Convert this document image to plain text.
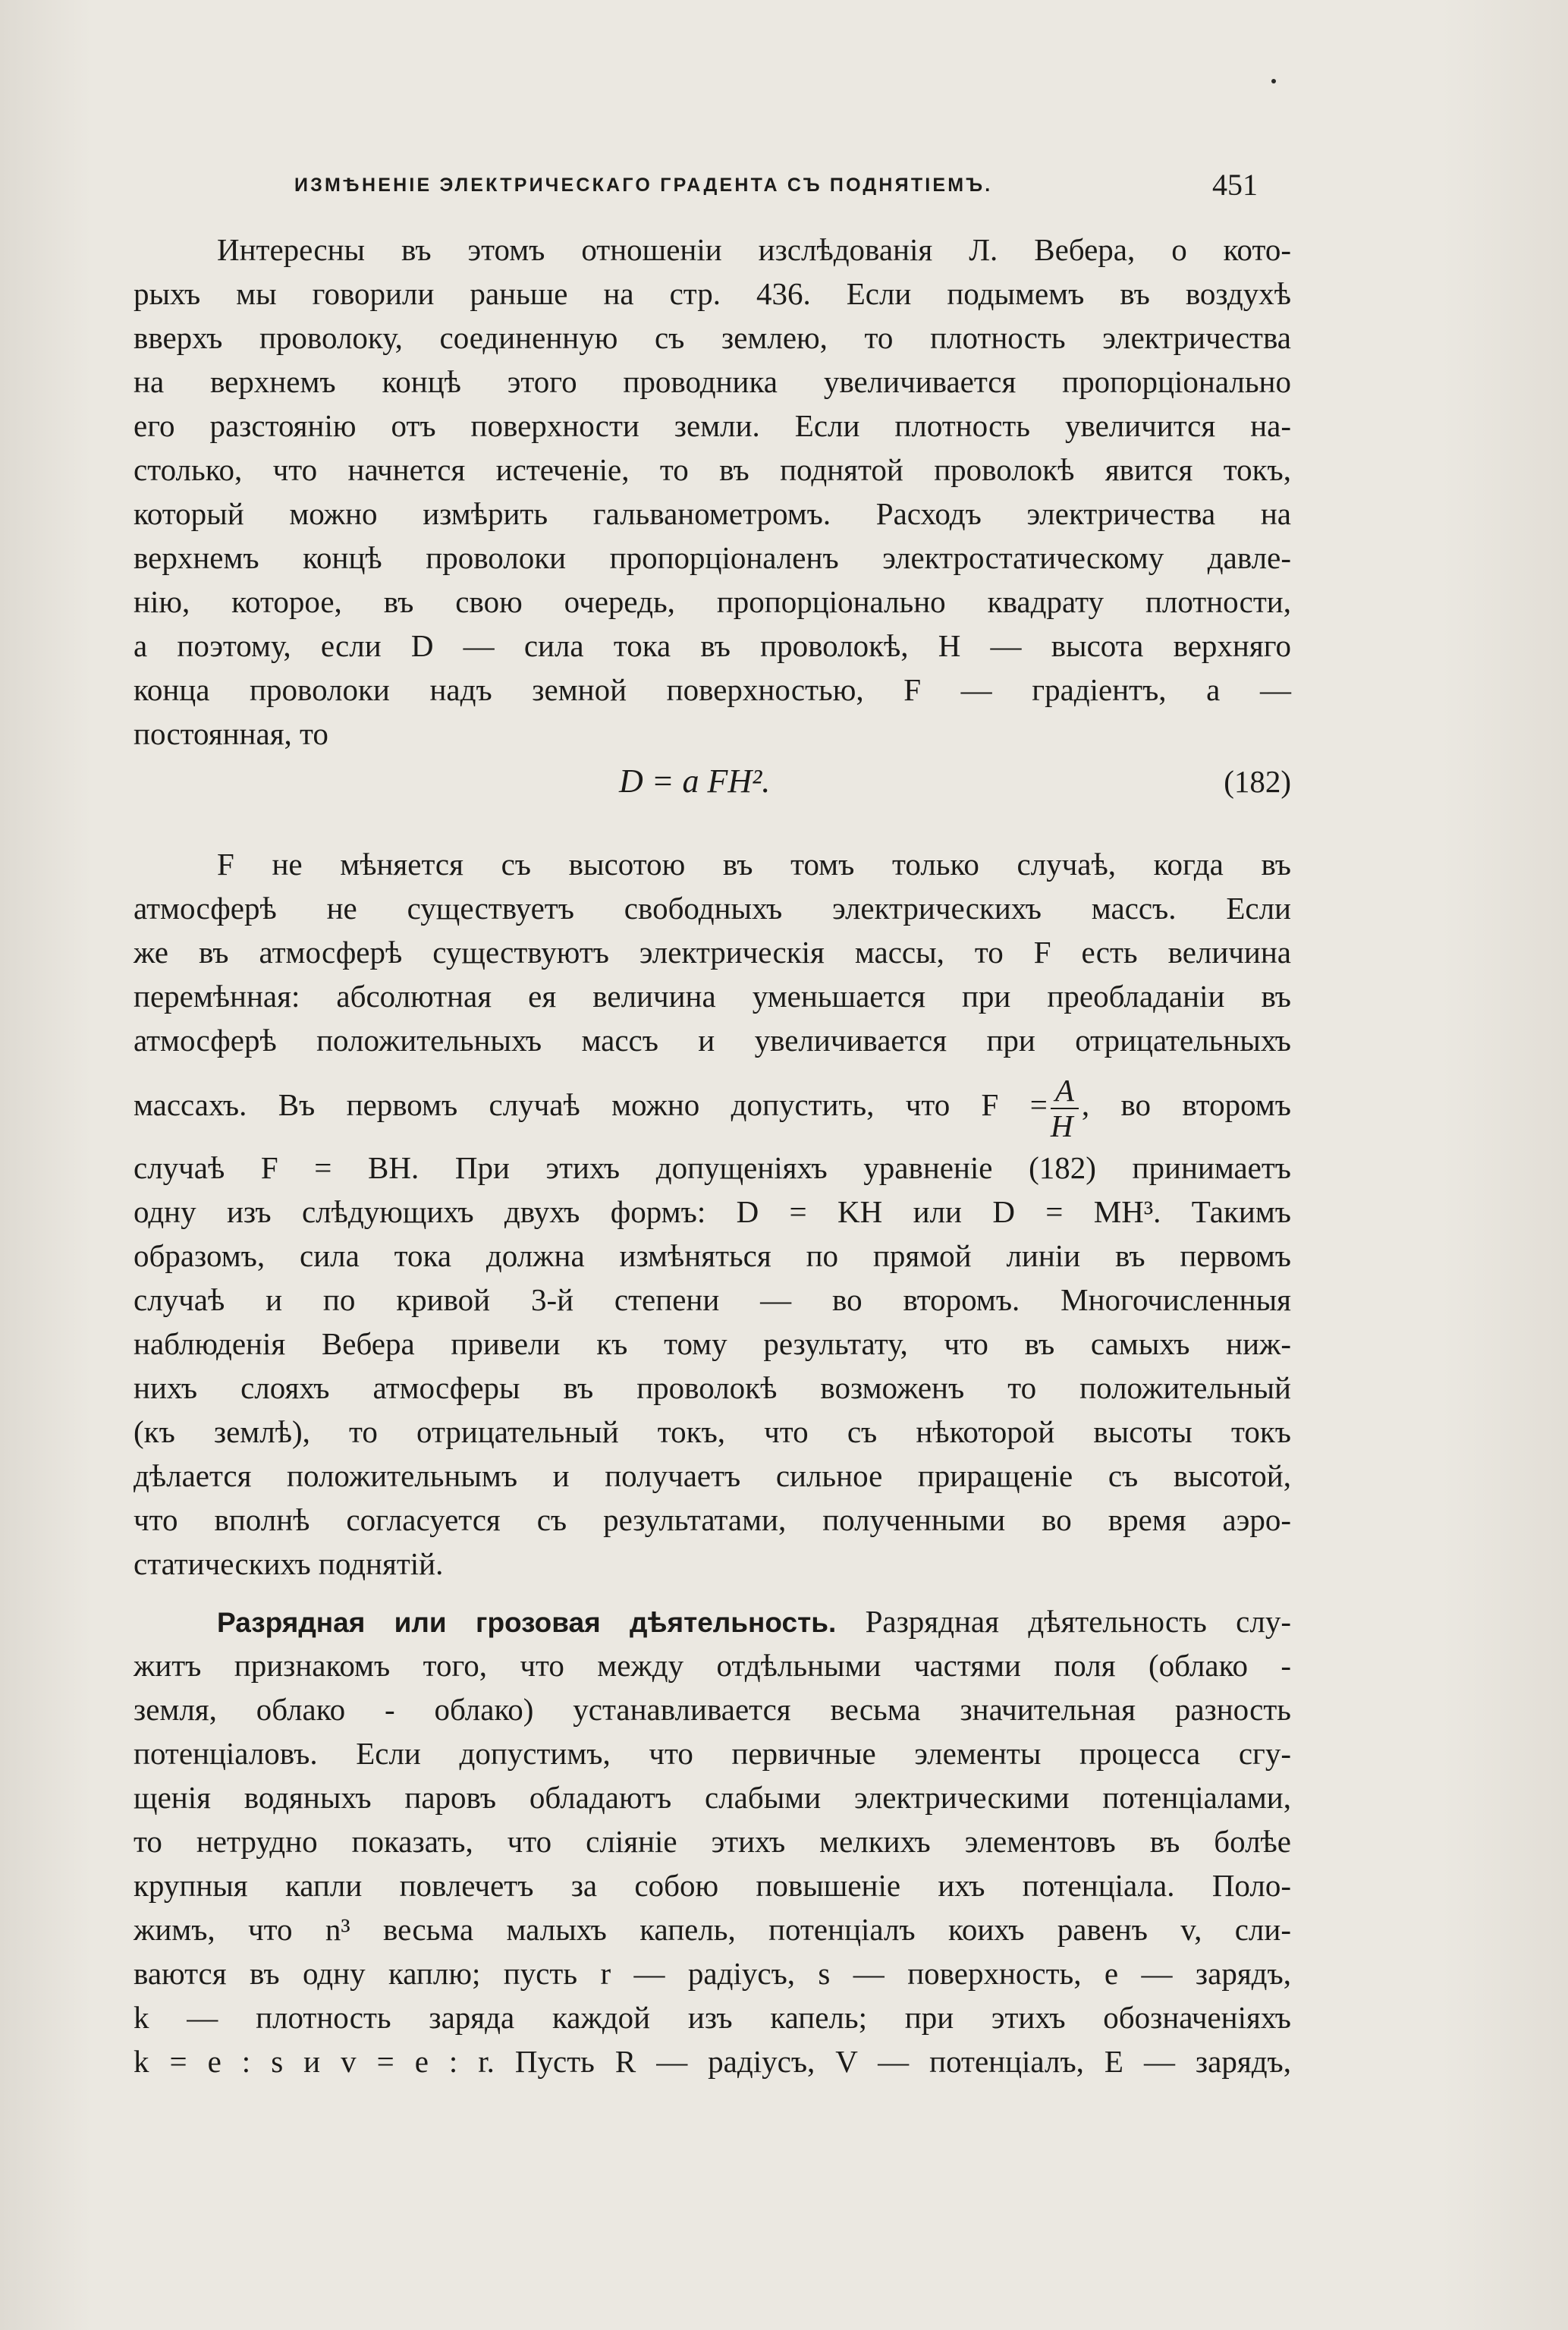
ИЗМѢНЕНІЕ ЭЛЕКТРИЧЕСКАГО ГРАДЕНТА СЪ ПОДНЯТІЕМЪ.	451
Интересны въ этомъ отношеніи изслѣдованія Л. Вебера, о кото-
рыхъ мы говорили раньше на стр. 436. Если подымемъ въ воздухѣ
вверхъ проволоку, соединенную съ землею, то плотность электричества
на верхнемъ концѣ этого проводника увеличивается пропорціонально
его разстоянію отъ поверхности земли. Если плотность увеличится на-
столько, что начнется истеченіе, то въ поднятой проволокѣ явится токъ,
который можно измѣрить гальванометромъ. Расходъ электричества на
верхнемъ концѣ проволоки пропорціоналенъ электростатическому давле-
нію, которое, въ свою очередь, пропорціонально квадрату плотности,
а поэтому, если D — сила тока въ проволокѣ, H — высота верхняго
конца проволоки надъ земной поверхностью, F — градіентъ, a —
постоянная, то
D = a FH².	(182)
F не мѣняется съ высотою въ томъ только случаѣ, когда въ
атмосферѣ не существуетъ свободныхъ электрическихъ массъ. Если
же въ атмосферѣ существуютъ электрическія массы, то F есть величина
перемѣнная: абсолютная ея величина уменьшается при преобладаніи въ
атмосферѣ положительныхъ массъ и увеличивается при отрицательныхъ
массахъ. Въ первомъ случаѣ можно допустить, что $F = \frac{A}{H}$ , во второмъ
случаѣ F = BH. При этихъ допущеніяхъ уравненіе (182) принимаетъ
одну изъ слѣдующихъ двухъ формъ: D = KH или D = MH³. Такимъ
образомъ, сила тока должна измѣняться по прямой линіи въ первомъ
случаѣ и по кривой 3-й степени — во второмъ. Многочисленныя
наблюденія Вебера привели къ тому результату, что въ самыхъ ниж-
нихъ слояхъ атмосферы въ проволокѣ возможенъ то положительный
(къ землѣ), то отрицательный токъ, что съ нѣкоторой высоты токъ
дѣлается положительнымъ и получаетъ сильное приращеніе съ высотой,
что вполнѣ согласуется съ результатами, полученными во время аэро-
статическихъ поднятій.
Разрядная или грозовая дѣятельность. Разрядная дѣятельность слу-
житъ признакомъ того, что между отдѣльными частями поля (облако -
земля, облако - облако) устанавливается весьма значительная разность
потенціаловъ. Если допустимъ, что первичные элементы процесса сгу-
щенія водяныхъ паровъ обладаютъ слабыми электрическими потенціалами,
то нетрудно показать, что сліяніе этихъ мелкихъ элементовъ въ болѣе
крупныя капли повлечетъ за собою повышеніе ихъ потенціала. Поло-
жимъ, что n³ весьма малыхъ капель, потенціалъ коихъ равенъ v, сли-
ваются въ одну каплю; пусть r — радіусъ, s — поверхность, e — зарядъ,
k — плотность заряда каждой изъ капель; при этихъ обозначеніяхъ
k = e : s и v = e : r. Пусть R — радіусъ, V — потенціалъ, E — зарядъ,
